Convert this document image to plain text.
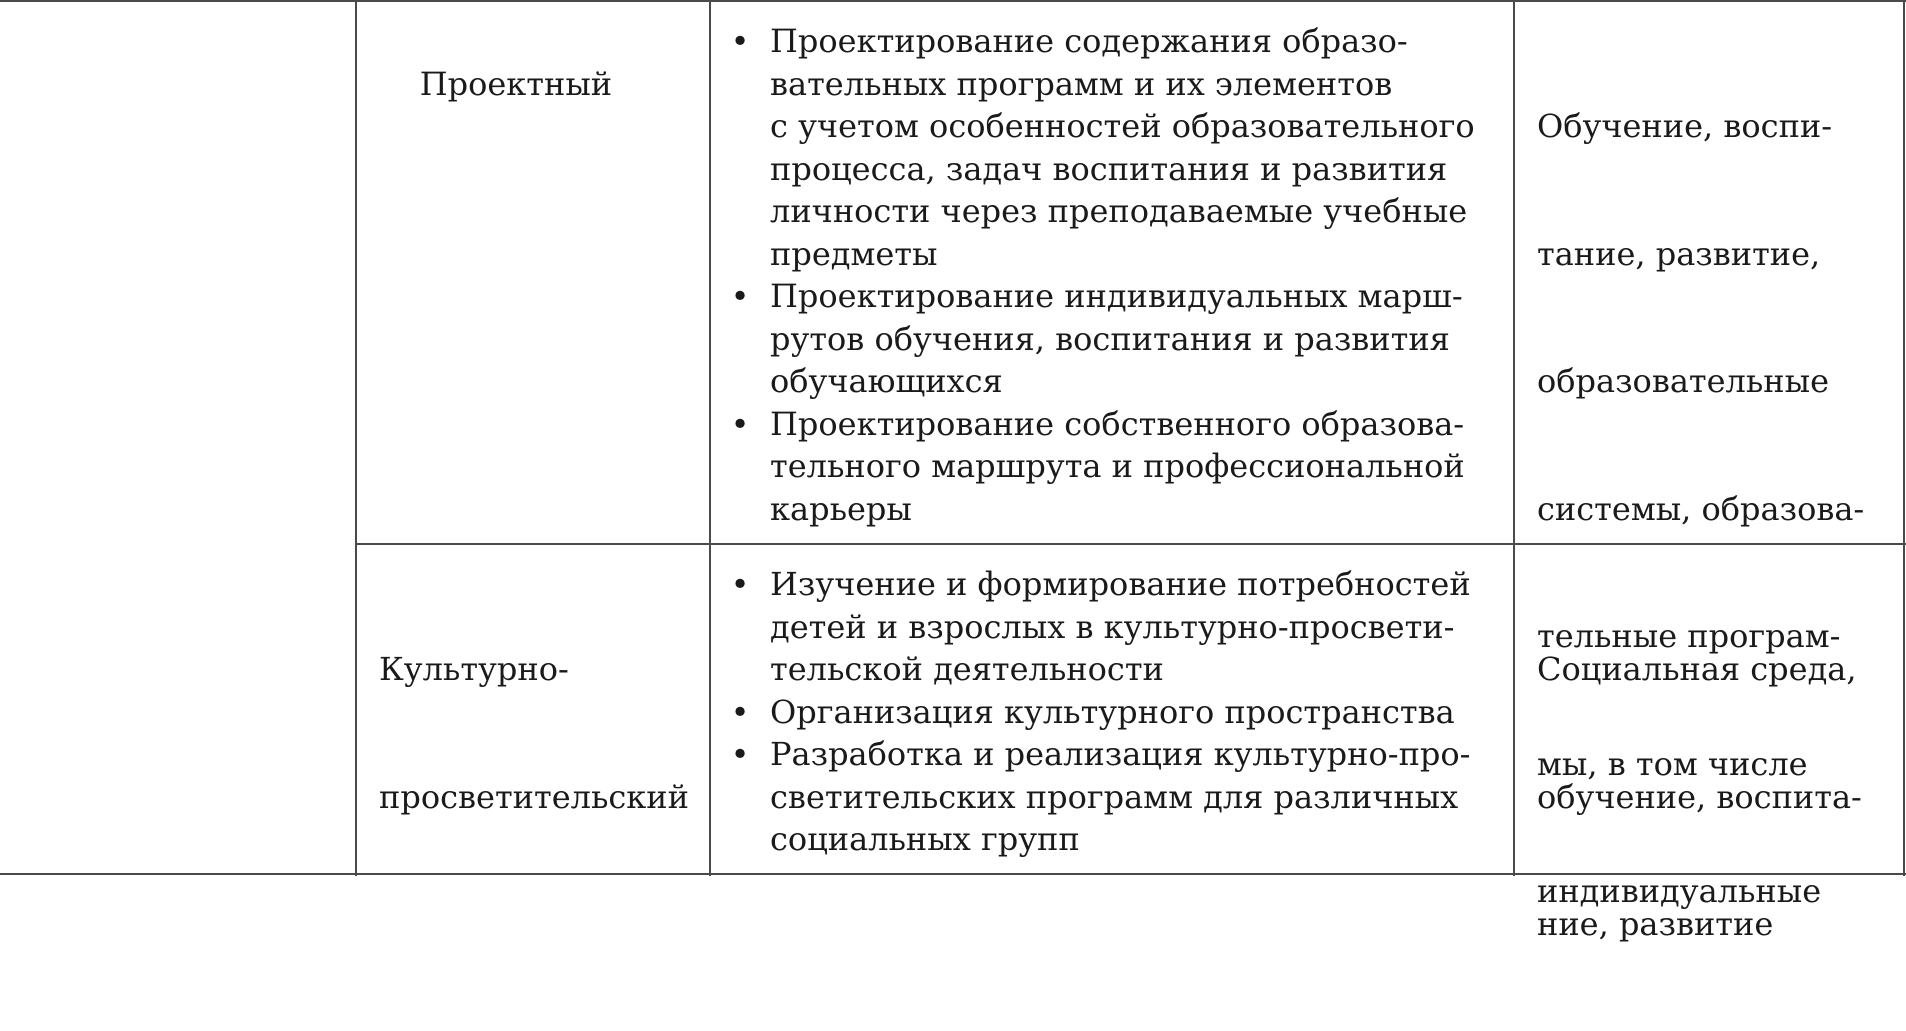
Проектный

• Проектирование содержания образо-
вательных программ и их элементов
с учетом особенностей образовательного
процесса, задач воспитания и развития
личности через преподаваемые учебные
предметы
• Проектирование индивидуальных марш-
рутов обучения, воспитания и развития
обучающихся
• Проектирование собственного образова-
тельного маршрута и профессиональной
карьеры

Обучение, воспи-

тание, развитие,

образовательные

системы, образова-

тельные програм-

мы, в том числе

индивидуальные

Культурно-

просветительский

• Изучение и формирование потребностей
детей и взрослых в культурно-просвети-
тельской деятельности
• Организация культурного пространства
• Разработка и реализация культурно-про-
светительских программ для различных
социальных групп

Социальная среда,

обучение, воспита-

ние, развитие
